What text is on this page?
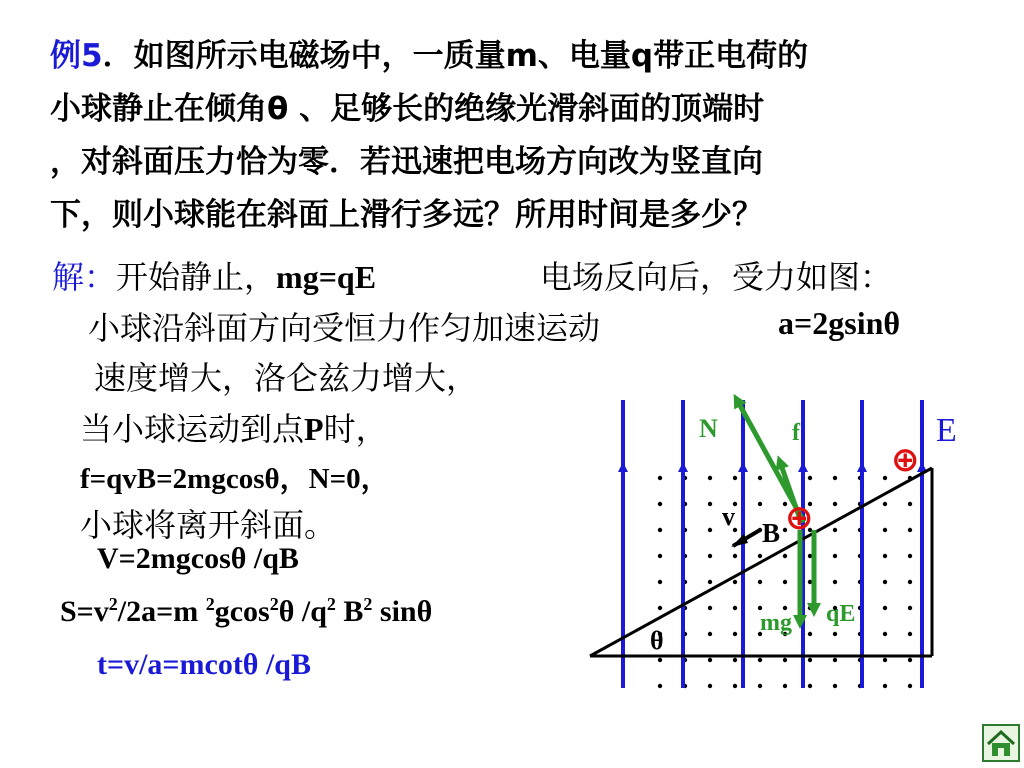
例5．如图所示电磁场中，一质量m、电量q带正电荷的
小球静止在倾角θ 、足够长的绝缘光滑斜面的顶端时
，对斜面压力恰为零．若迅速把电场方向改为竖直向
下，则小球能在斜面上滑行多远？所用时间是多少？
解：开始静止，mg=qE	电场反向后，受力如图：
小球沿斜面方向受恒力作匀加速运动	a=2gsinθ
速度增大，洛仑兹力增大，
当小球运动到点P时，
f=qvB=2mgcosθ，N=0，
小球将离开斜面。
V=2mgcosθ /qB
$S=v^2/2a=m$ $^2$gcos$^2$θ $/q^2$ $B^2$ sinθ
t=v/a=mcotθ /qB
N	f	E
⊕
⊕
v
B
mg qE
θ
